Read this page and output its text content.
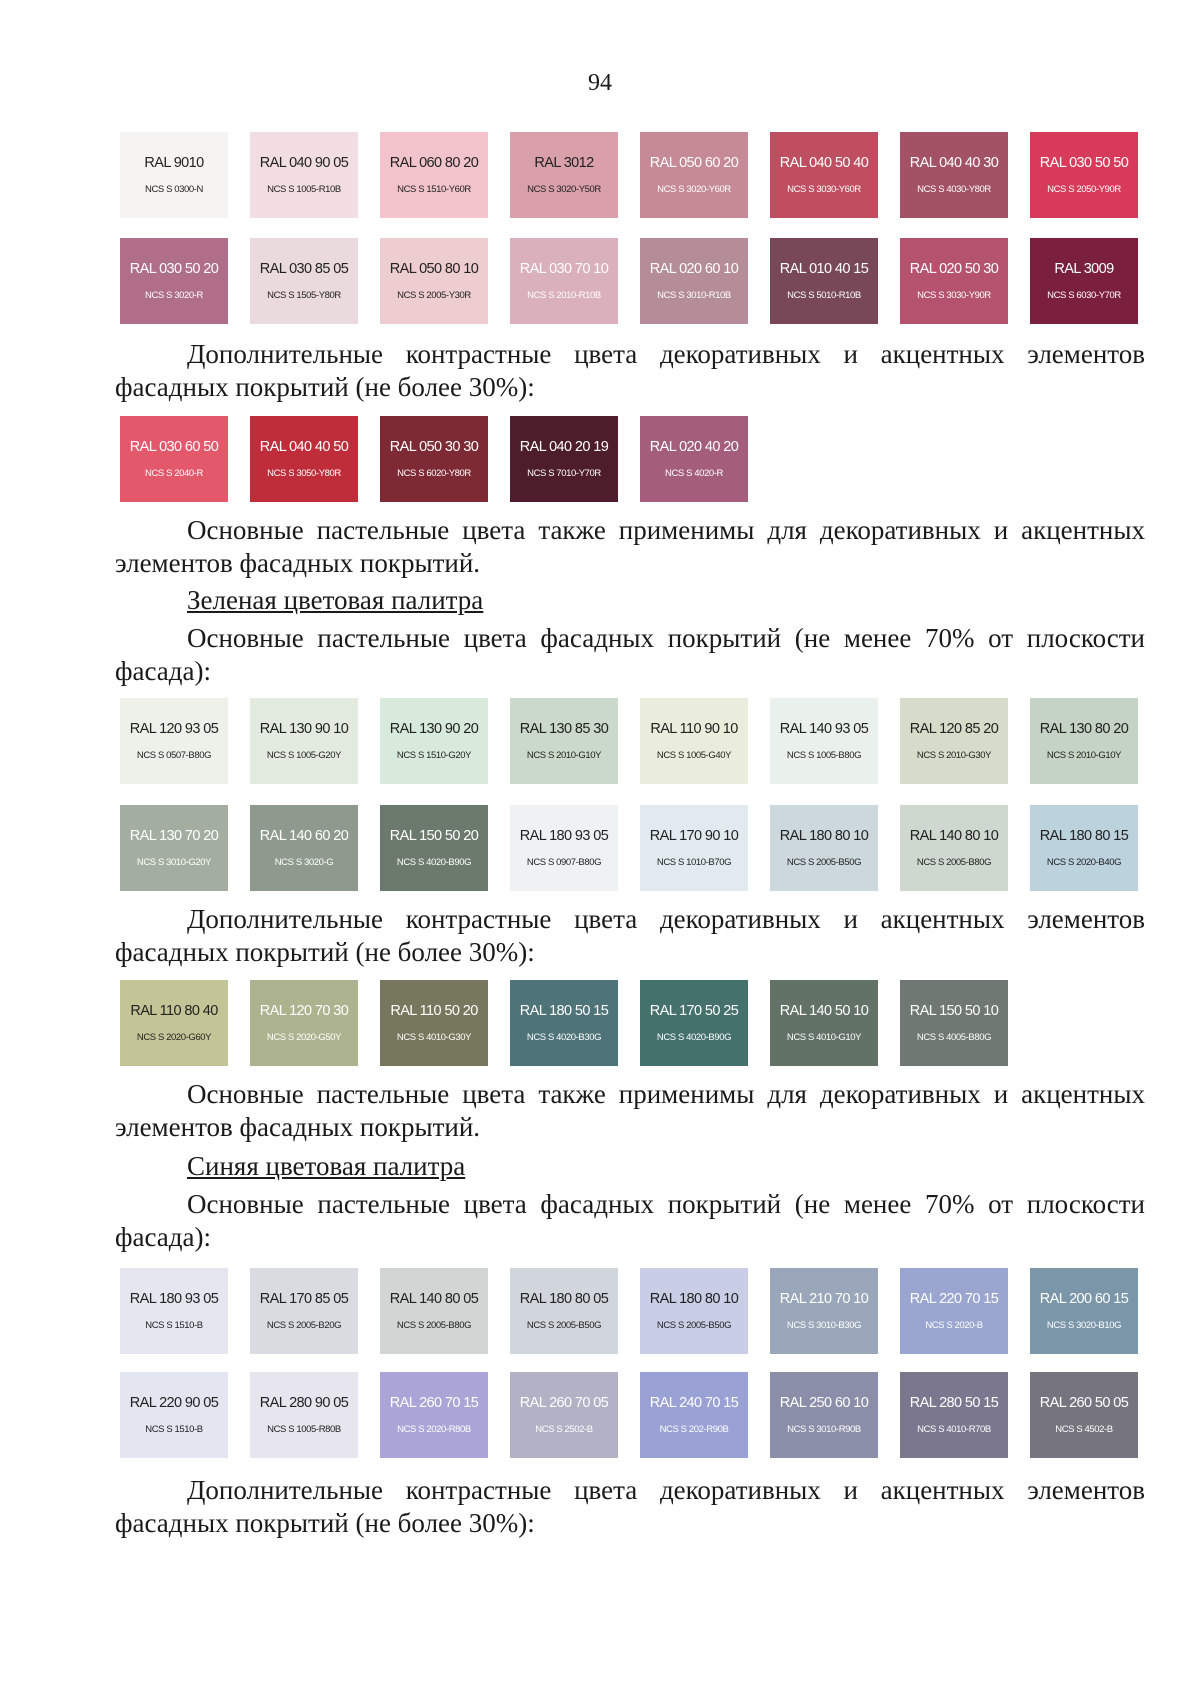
94
RAL 9010
NCS S 0300-N
RAL 040 90 05
NCS S 1005-R10B
RAL 060 80 20
NCS S 1510-Y60R
RAL 3012
NCS S 3020-Y50R
RAL 050 60 20
NCS S 3020-Y60R
RAL 040 50 40
NCS S 3030-Y60R
RAL 040 40 30
NCS S 4030-Y80R
RAL 030 50 50
NCS S 2050-Y90R
RAL 030 50 20
NCS S 3020-R
RAL 030 85 05
NCS S 1505-Y80R
RAL 050 80 10
NCS S 2005-Y30R
RAL 030 70 10
NCS S 2010-R10B
RAL 020 60 10
NCS S 3010-R10B
RAL 010 40 15
NCS S 5010-R10B
RAL 020 50 30
NCS S 3030-Y90R
RAL 3009
NCS S 6030-Y70R
Дополнительные контрастные цвета декоративных и акцентных элементов
фасадных покрытий (не более 30%):
RAL 030 60 50
NCS S 2040-R
RAL 040 40 50
NCS S 3050-Y80R
RAL 050 30 30
NCS S 6020-Y80R
RAL 040 20 19
NCS S 7010-Y70R
RAL 020 40 20
NCS S 4020-R
Основные пастельные цвета также применимы для декоративных и акцентных
элементов фасадных покрытий.
Зеленая цветовая палитра
Основные пастельные цвета фасадных покрытий (не менее 70% от плоскости
фасада):
RAL 120 93 05
NCS S 0507-B80G
RAL 130 90 10
NCS S 1005-G20Y
RAL 130 90 20
NCS S 1510-G20Y
RAL 130 85 30
NCS S 2010-G10Y
RAL 110 90 10
NCS S 1005-G40Y
RAL 140 93 05
NCS S 1005-B80G
RAL 120 85 20
NCS S 2010-G30Y
RAL 130 80 20
NCS S 2010-G10Y
RAL 130 70 20
NCS S 3010-G20Y
RAL 140 60 20
NCS S 3020-G
RAL 150 50 20
NCS S 4020-B90G
RAL 180 93 05
NCS S 0907-B80G
RAL 170 90 10
NCS S 1010-B70G
RAL 180 80 10
NCS S 2005-B50G
RAL 140 80 10
NCS S 2005-B80G
RAL 180 80 15
NCS S 2020-B40G
Дополнительные контрастные цвета декоративных и акцентных элементов
фасадных покрытий (не более 30%):
RAL 110 80 40
NCS S 2020-G60Y
RAL 120 70 30
NCS S 2020-G50Y
RAL 110 50 20
NCS S 4010-G30Y
RAL 180 50 15
NCS S 4020-B30G
RAL 170 50 25
NCS S 4020-B90G
RAL 140 50 10
NCS S 4010-G10Y
RAL 150 50 10
NCS S 4005-B80G
Основные пастельные цвета также применимы для декоративных и акцентных
элементов фасадных покрытий.
Синяя цветовая палитра
Основные пастельные цвета фасадных покрытий (не менее 70% от плоскости
фасада):
RAL 180 93 05
NCS S 1510-B
RAL 170 85 05
NCS S 2005-B20G
RAL 140 80 05
NCS S 2005-B80G
RAL 180 80 05
NCS S 2005-B50G
RAL 180 80 10
NCS S 2005-B50G
RAL 210 70 10
NCS S 3010-B30G
RAL 220 70 15
NCS S 2020-B
RAL 200 60 15
NCS S 3020-B10G
RAL 220 90 05
NCS S 1510-B
RAL 280 90 05
NCS S 1005-R80B
RAL 260 70 15
NCS S 2020-R80B
RAL 260 70 05
NCS S 2502-B
RAL 240 70 15
NCS S 202-R90B
RAL 250 60 10
NCS S 3010-R90B
RAL 280 50 15
NCS S 4010-R70B
RAL 260 50 05
NCS S 4502-B
Дополнительные контрастные цвета декоративных и акцентных элементов
фасадных покрытий (не более 30%):
